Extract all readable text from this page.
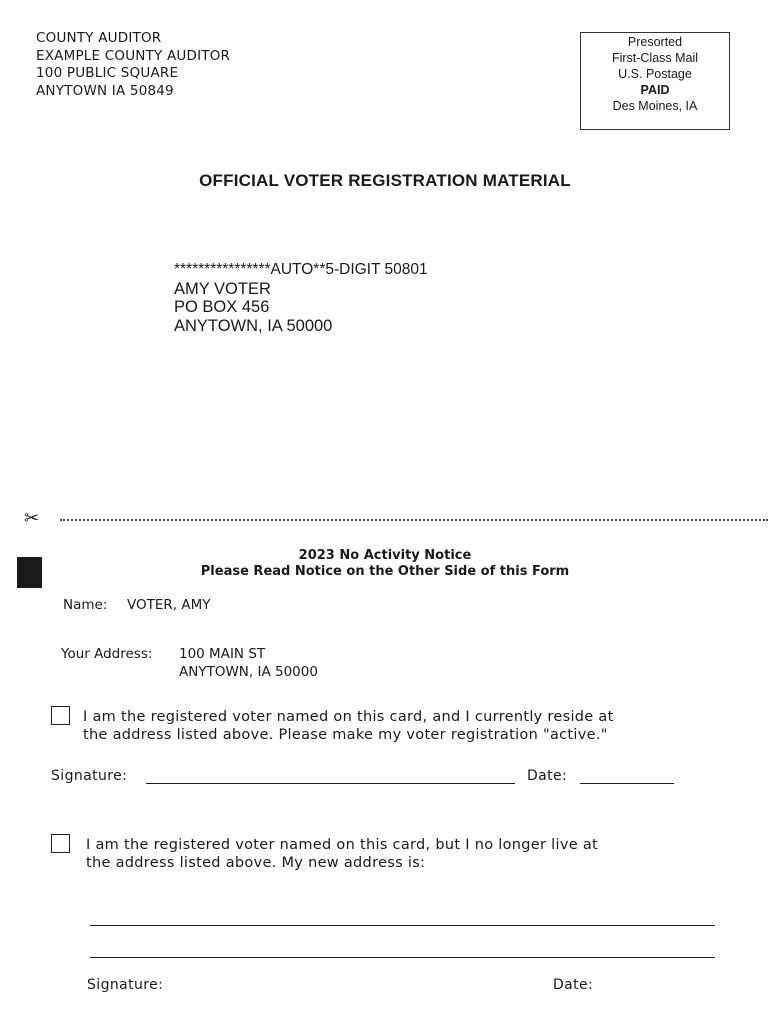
COUNTY AUDITOR
EXAMPLE COUNTY AUDITOR
100 PUBLIC SQUARE
ANYTOWN IA 50849
Presorted
First-Class Mail
U.S. Postage
PAID
Des Moines, IA
OFFICIAL VOTER REGISTRATION MATERIAL
****************AUTO**5-DIGIT 50801
AMY VOTER
PO BOX 456
ANYTOWN, IA 50000
✂
2023 No Activity Notice
Please Read Notice on the Other Side of this Form
Name: VOTER, AMY
Your Address: 100 MAIN ST
ANYTOWN, IA 50000
I am the registered voter named on this card, and I currently reside at
the address listed above. Please make my voter registration "active."
Signature:	Date:
I am the registered voter named on this card, but I no longer live at
the address listed above. My new address is:
Signature:	Date:
